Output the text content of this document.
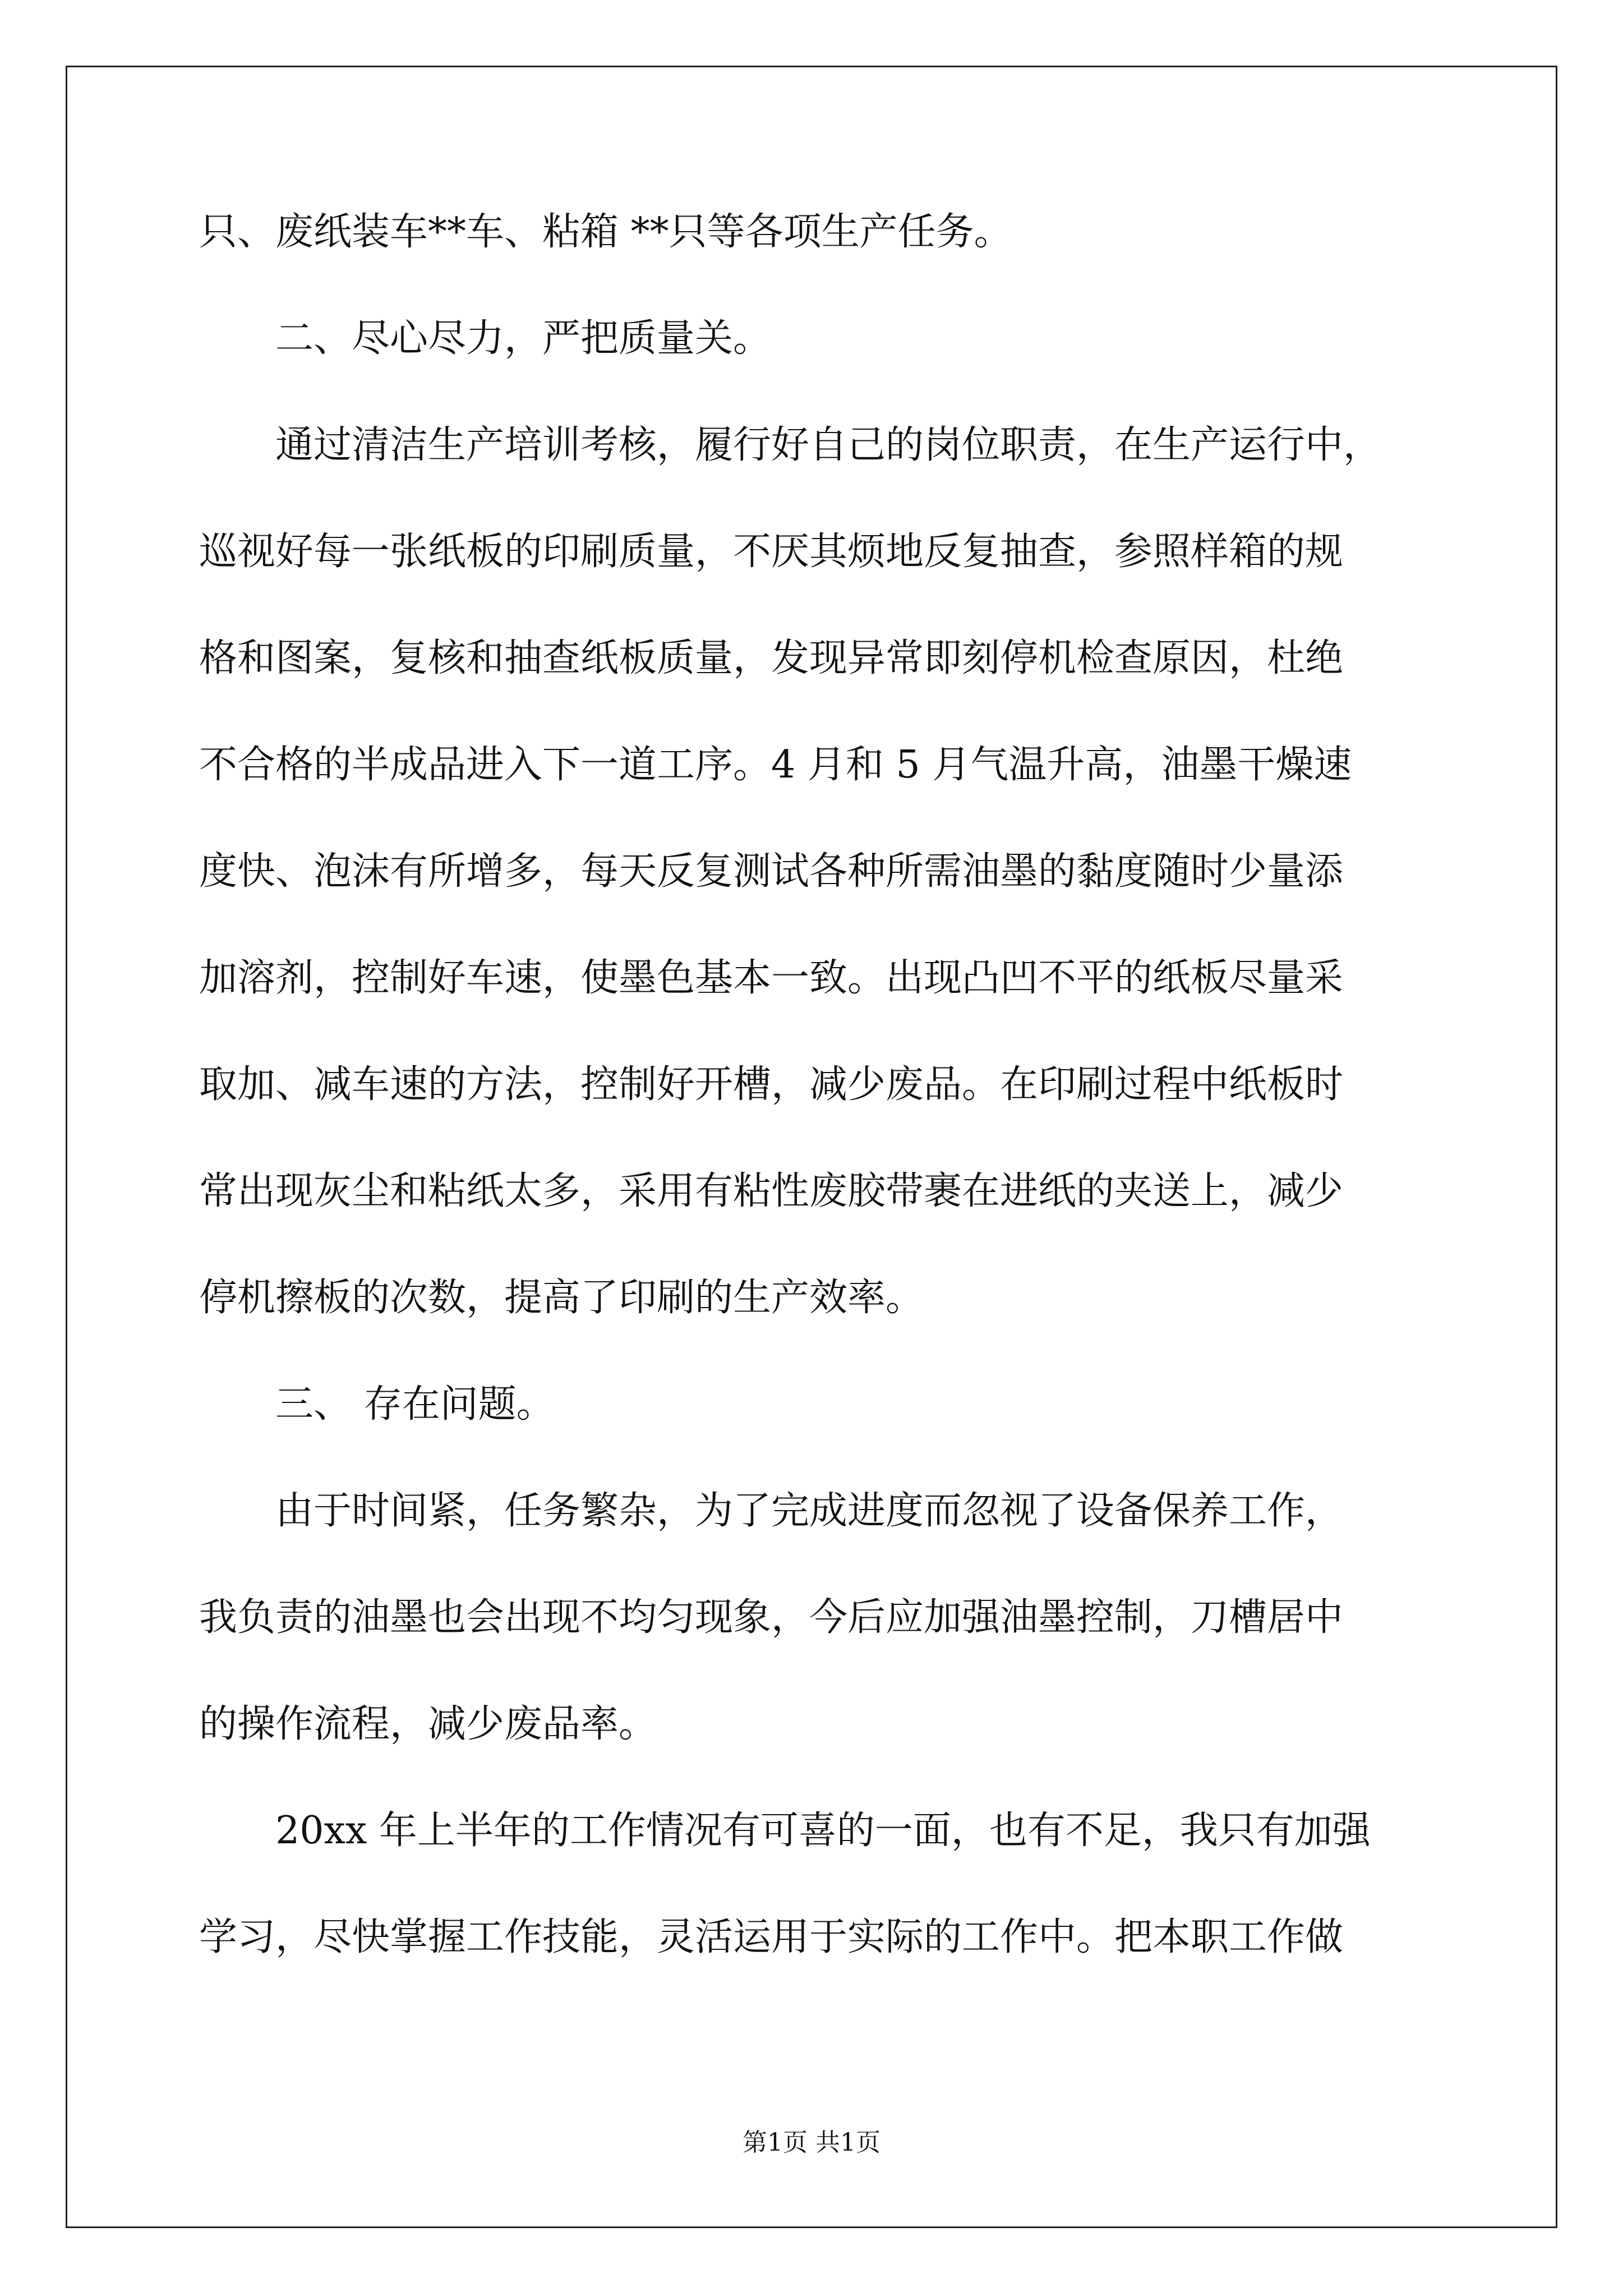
只、废纸装车**车、粘箱 **只等各项生产任务。
二、尽心尽力，严把质量关。
通过清洁生产培训考核，履行好自己的岗位职责，在生产运行中，
巡视好每一张纸板的印刷质量，不厌其烦地反复抽查，参照样箱的规
格和图案，复核和抽查纸板质量，发现异常即刻停机检查原因，杜绝
不合格的半成品进入下一道工序。4 月和 5 月气温升高，油墨干燥速
度快、泡沫有所增多，每天反复测试各种所需油墨的黏度随时少量添
加溶剂，控制好车速，使墨色基本一致。出现凸凹不平的纸板尽量采
取加、减车速的方法，控制好开槽，减少废品。在印刷过程中纸板时
常出现灰尘和粘纸太多，采用有粘性废胶带裹在进纸的夹送上，减少
停机擦板的次数，提高了印刷的生产效率。
三、 存在问题。
由于时间紧，任务繁杂，为了完成进度而忽视了设备保养工作，
我负责的油墨也会出现不均匀现象，今后应加强油墨控制，刀槽居中
的操作流程，减少废品率。
20xx 年上半年的工作情况有可喜的一面，也有不足，我只有加强
学习，尽快掌握工作技能，灵活运用于实际的工作中。把本职工作做
第1页 共1页
